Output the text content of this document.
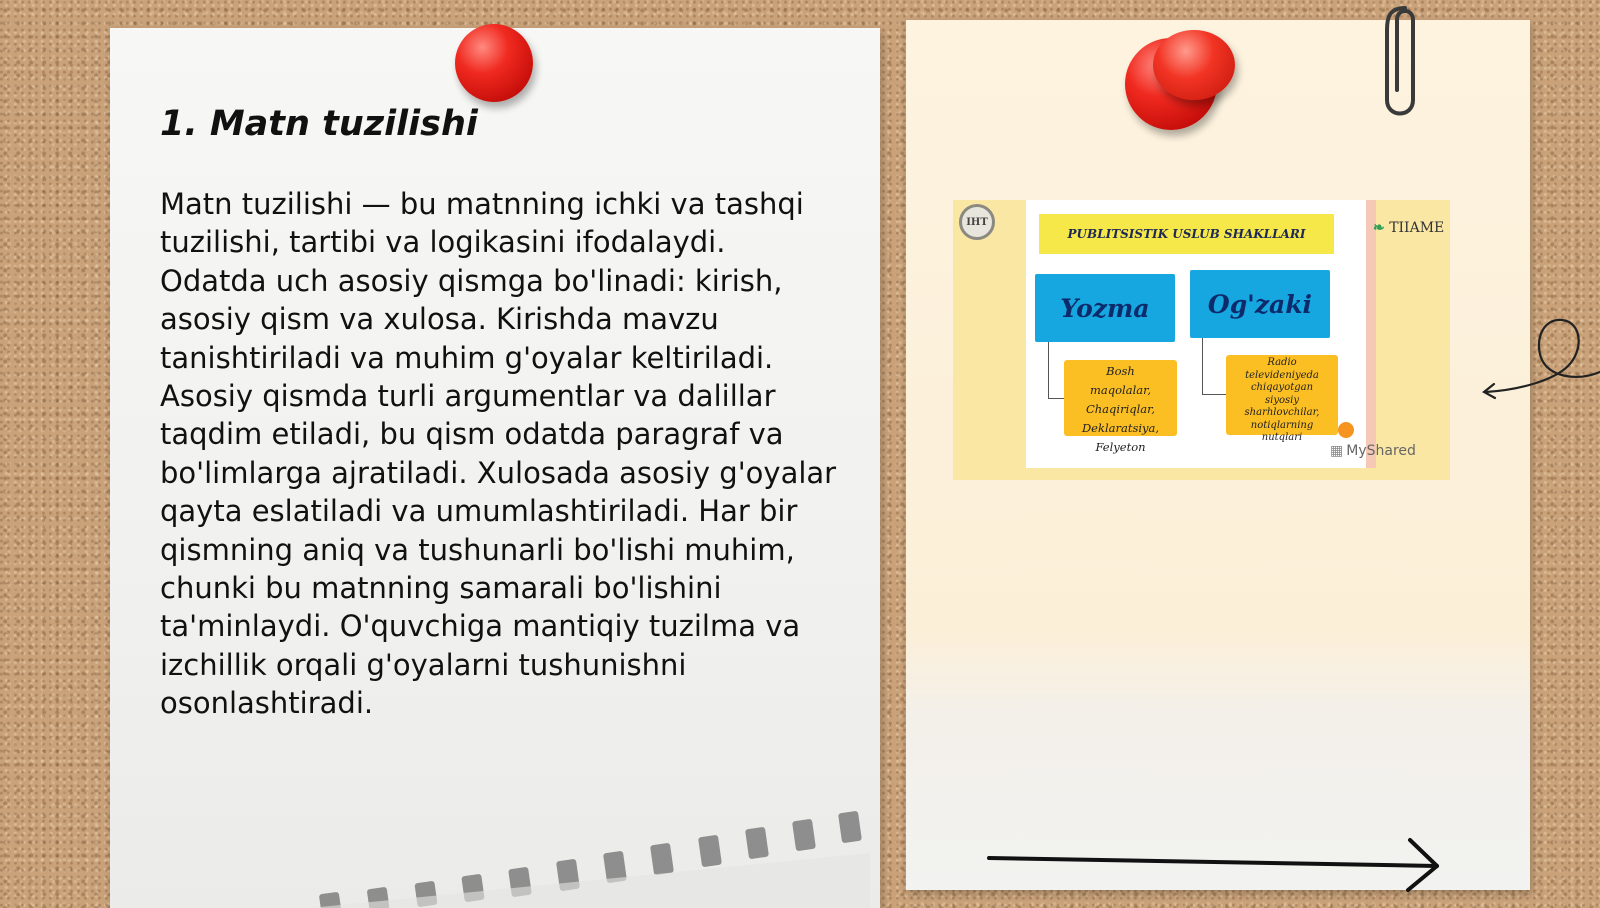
1. Matn tuzilishi

Matn tuzilishi — bu matnning ichki va tashqi tuzilishi, tartibi va logikasini ifodalaydi. Odatda uch asosiy qismga bo'linadi: kirish, asosiy qism va xulosa. Kirishda mavzu tanishtiriladi va muhim g'oyalar keltiriladi. Asosiy qismda turli argumentlar va dalillar taqdim etiladi, bu qism odatda paragraf va bo'limlarga ajratiladi. Xulosada asosiy g'oyalar qayta eslatiladi va umumlashtiriladi. Har bir qismning aniq va tushunarli bo'lishi muhim, chunki bu matnning samarali bo'lishini ta'minlaydi. O'quvchiga mantiqiy tuzilma va izchillik orqali g'oyalarni tushunishni osonlashtiradi.

IHT
PUBLITSISTIK USLUB SHAKLLARI
Yozma	Og'zaki
Bosh
maqolalar,
Chaqiriqlar,
Deklaratsiya,
Felyeton
Radio
televideniyeda
chiqayotgan
siyosiy
sharhlovchilar,
notiqlarning
nutqlari
❧ TIIAME
▦ MyShared
